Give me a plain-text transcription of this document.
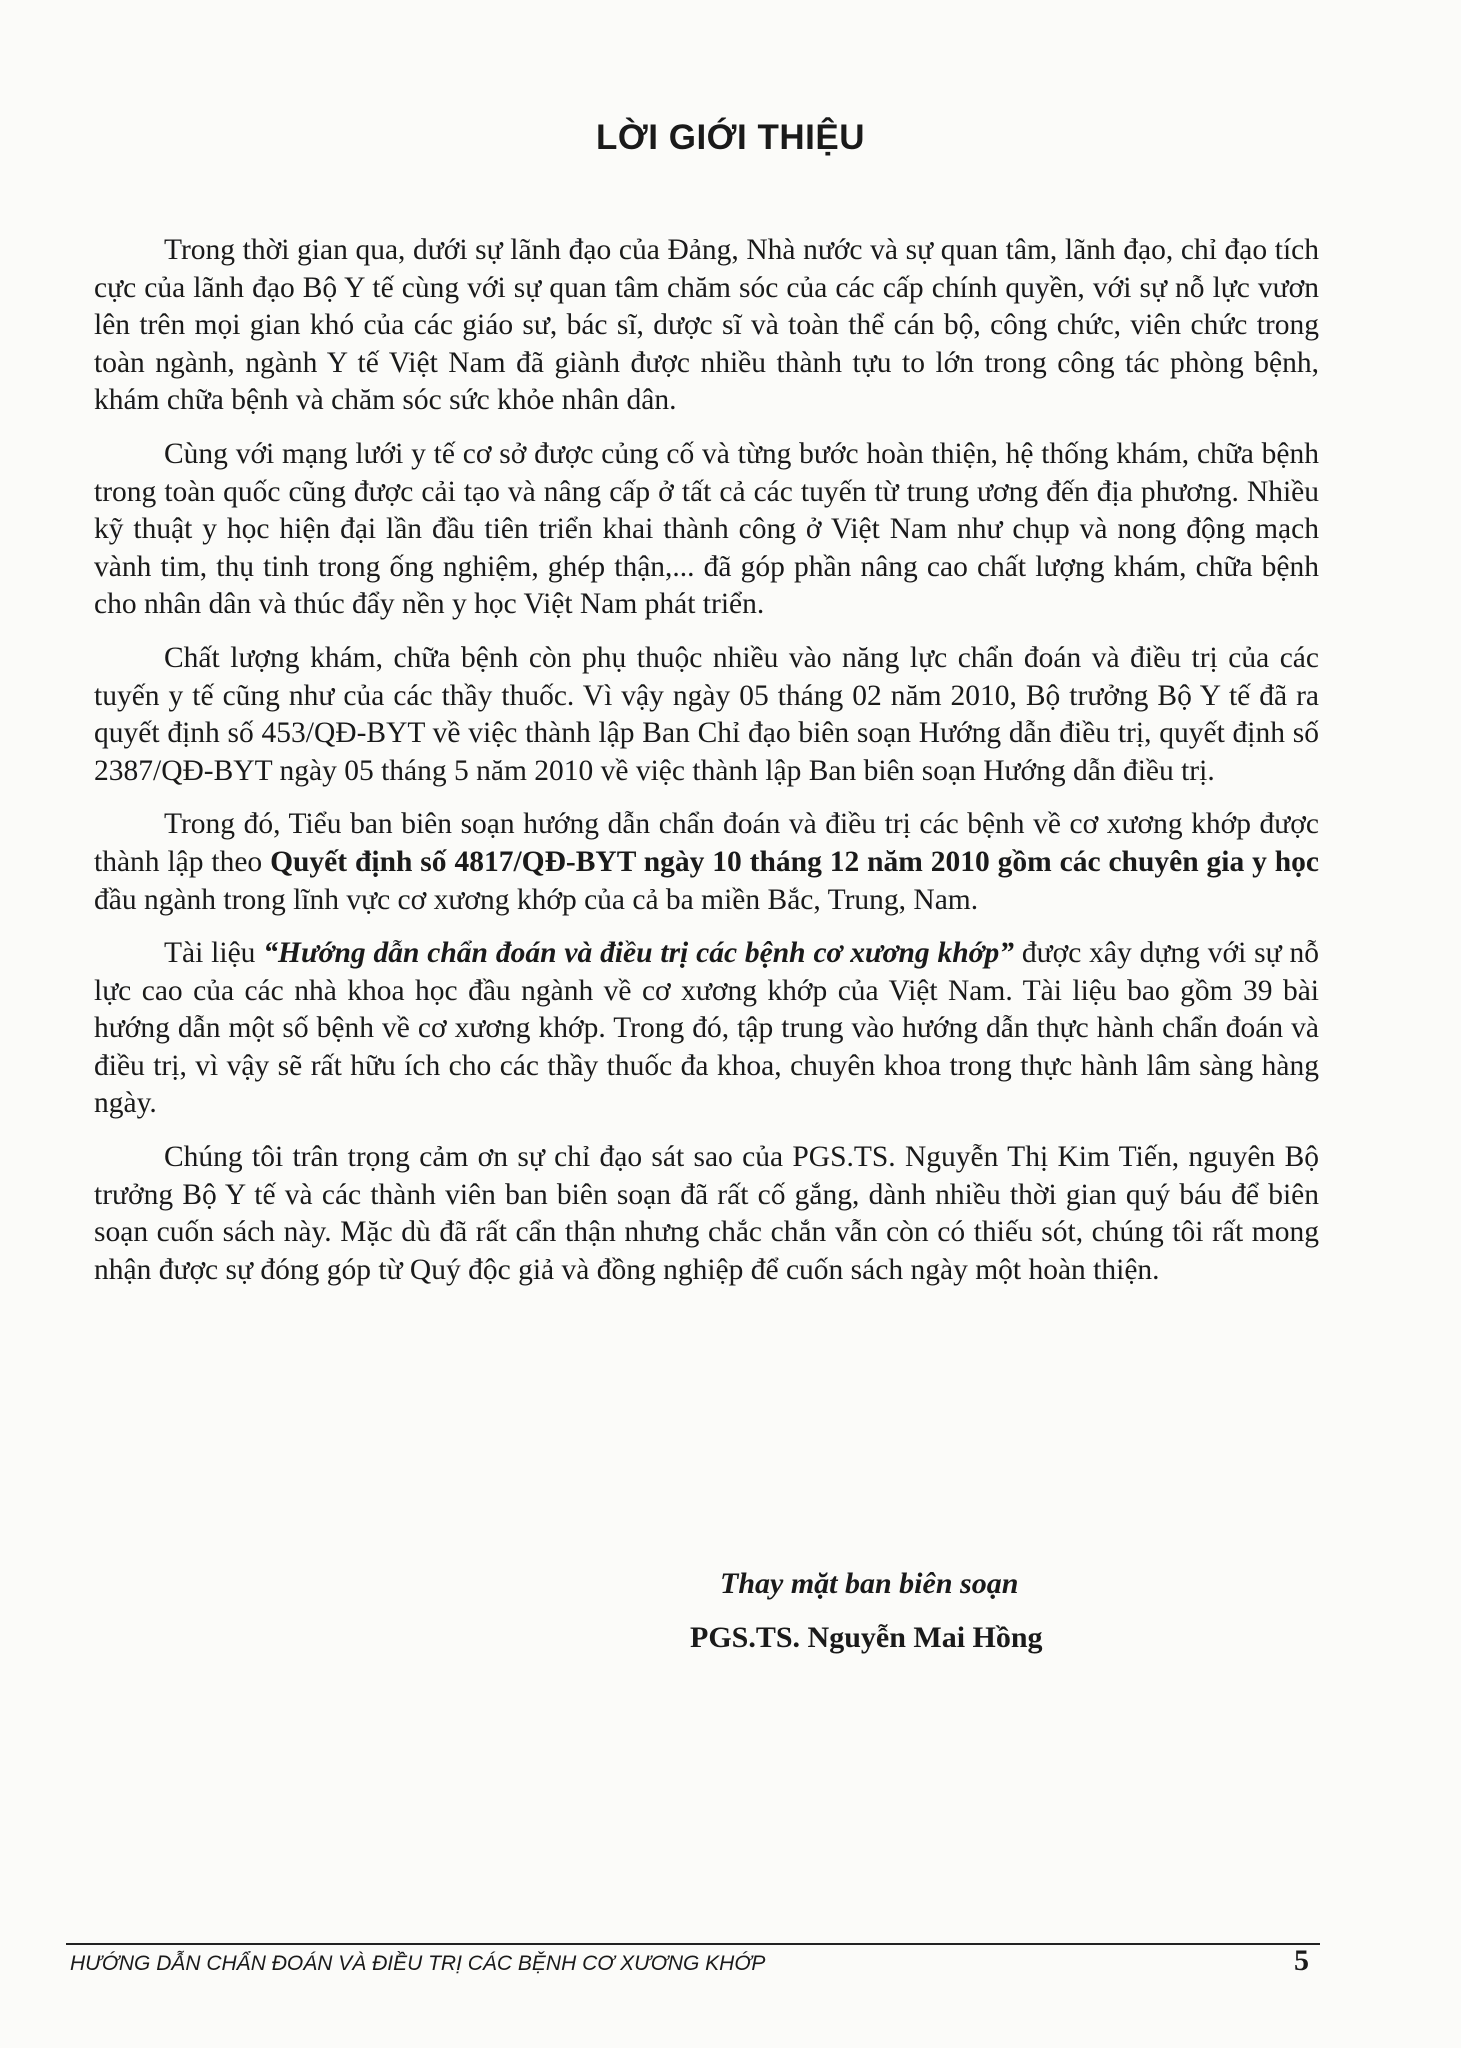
LỜI GIỚI THIỆU

Trong thời gian qua, dưới sự lãnh đạo của Đảng, Nhà nước và sự quan tâm, lãnh đạo, chỉ đạo tích cực của lãnh đạo Bộ Y tế cùng với sự quan tâm chăm sóc của các cấp chính quyền, với sự nỗ lực vươn lên trên mọi gian khó của các giáo sư, bác sĩ, dược sĩ và toàn thể cán bộ, công chức, viên chức trong toàn ngành, ngành Y tế Việt Nam đã giành được nhiều thành tựu to lớn trong công tác phòng bệnh, khám chữa bệnh và chăm sóc sức khỏe nhân dân.

Cùng với mạng lưới y tế cơ sở được củng cố và từng bước hoàn thiện, hệ thống khám, chữa bệnh trong toàn quốc cũng được cải tạo và nâng cấp ở tất cả các tuyến từ trung ương đến địa phương. Nhiều kỹ thuật y học hiện đại lần đầu tiên triển khai thành công ở Việt Nam như chụp và nong động mạch vành tim, thụ tinh trong ống nghiệm, ghép thận,... đã góp phần nâng cao chất lượng khám, chữa bệnh cho nhân dân và thúc đẩy nền y học Việt Nam phát triển.

Chất lượng khám, chữa bệnh còn phụ thuộc nhiều vào năng lực chẩn đoán và điều trị của các tuyến y tế cũng như của các thầy thuốc. Vì vậy ngày 05 tháng 02 năm 2010, Bộ trưởng Bộ Y tế đã ra quyết định số 453/QĐ-BYT về việc thành lập Ban Chỉ đạo biên soạn Hướng dẫn điều trị, quyết định số 2387/QĐ-BYT ngày 05 tháng 5 năm 2010 về việc thành lập Ban biên soạn Hướng dẫn điều trị.

Trong đó, Tiểu ban biên soạn hướng dẫn chẩn đoán và điều trị các bệnh về cơ xương khớp được thành lập theo Quyết định số 4817/QĐ-BYT ngày 10 tháng 12 năm 2010 gồm các chuyên gia y học đầu ngành trong lĩnh vực cơ xương khớp của cả ba miền Bắc, Trung, Nam.

Tài liệu “Hướng dẫn chẩn đoán và điều trị các bệnh cơ xương khớp” được xây dựng với sự nỗ lực cao của các nhà khoa học đầu ngành về cơ xương khớp của Việt Nam. Tài liệu bao gồm 39 bài hướng dẫn một số bệnh về cơ xương khớp. Trong đó, tập trung vào hướng dẫn thực hành chẩn đoán và điều trị, vì vậy sẽ rất hữu ích cho các thầy thuốc đa khoa, chuyên khoa trong thực hành lâm sàng hàng ngày.

Chúng tôi trân trọng cảm ơn sự chỉ đạo sát sao của PGS.TS. Nguyễn Thị Kim Tiến, nguyên Bộ trưởng Bộ Y tế và các thành viên ban biên soạn đã rất cố gắng, dành nhiều thời gian quý báu để biên soạn cuốn sách này. Mặc dù đã rất cẩn thận nhưng chắc chắn vẫn còn có thiếu sót, chúng tôi rất mong nhận được sự đóng góp từ Quý độc giả và đồng nghiệp để cuốn sách ngày một hoàn thiện.

Thay mặt ban biên soạn
PGS.TS. Nguyễn Mai Hồng
HƯỚNG DẪN CHẨN ĐOÁN VÀ ĐIỀU TRỊ CÁC BỆNH CƠ XƯƠNG KHỚP	5
